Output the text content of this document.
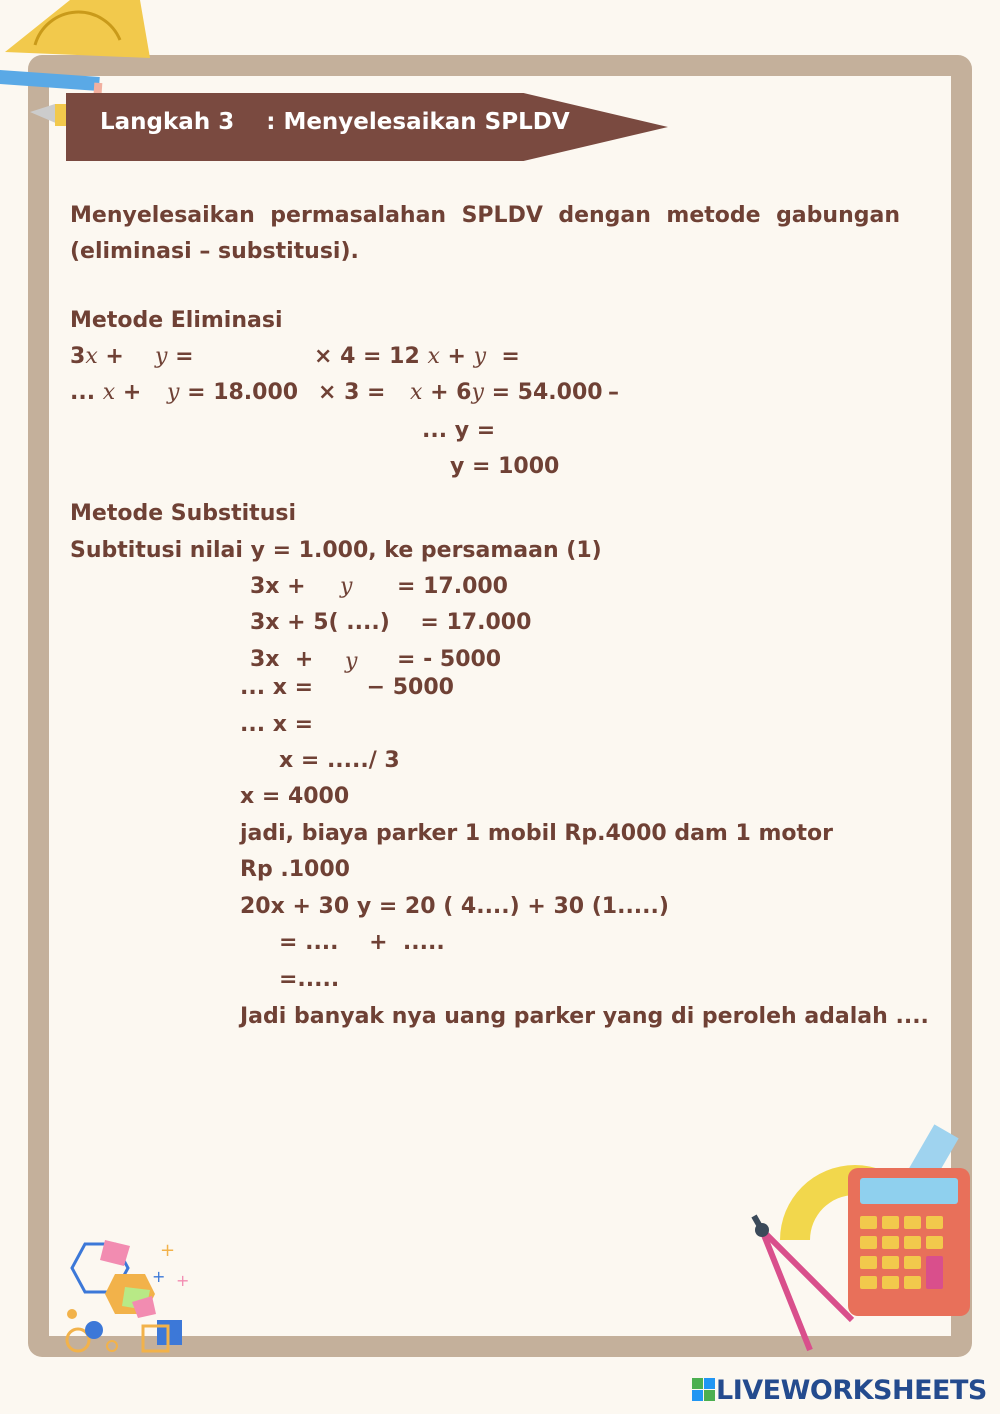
Langkah 3    : Menyelesaikan SPLDV
Menyelesaikan permasalahan SPLDV dengan metode gabungan (eliminasi – substitusi).
Metode Eliminasi
3x + y =	× 4 = 12 x + y  =
... x + y = 18.000 × 3 = x + 6y = 54.000 –
... y =
y = 1000
Metode Substitusi
Subtitusi nilai y = 1.000, ke persamaan (1)
3x + y = 17.000
3x + 5( ....)    = 17.000
3x  + y = - 5000
... x =       − 5000
... x =
x = ...../ 3
x = 4000
jadi, biaya parker 1 mobil Rp.4000 dam 1 motor
Rp .1000
20x + 30 y = 20 ( 4....) + 30 (1.....)
= ....    +  .....
=.....
Jadi banyak nya uang parker yang di peroleh adalah ....
+
+ +
LIVEWORKSHEETS
